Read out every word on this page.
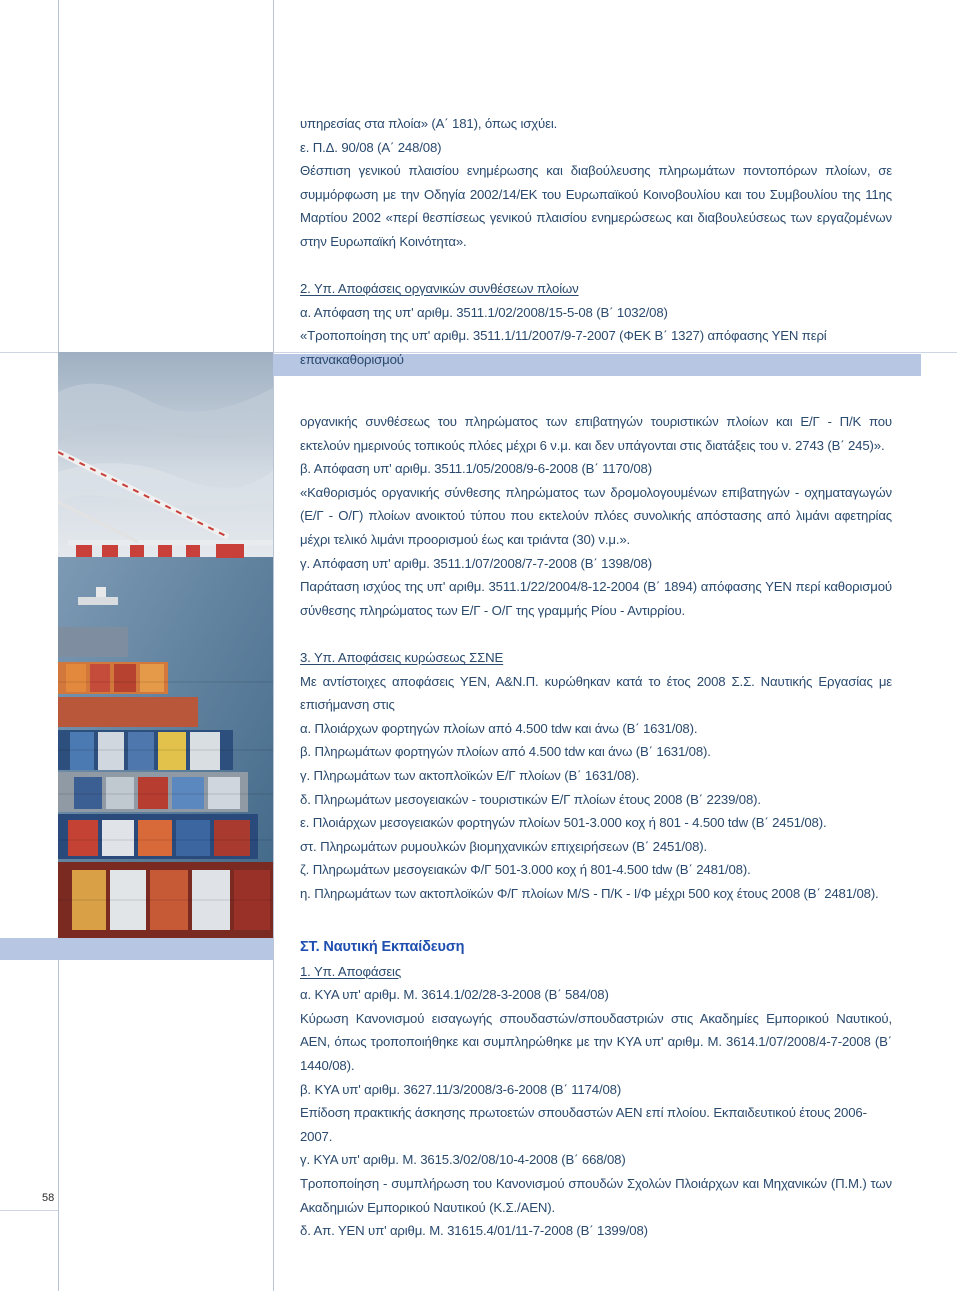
υπηρεσίας στα πλοία» (Α΄ 181), όπως ισχύει.

ε. Π.Δ. 90/08 (Α΄ 248/08)

Θέσπιση γενικού πλαισίου ενημέρωσης και διαβούλευσης πληρωμάτων ποντοπόρων πλοίων, σε συμμόρφωση με την Οδηγία 2002/14/ΕΚ του Ευρωπαϊκού Κοινοβουλίου και του Συμβουλίου της 11ης Μαρτίου 2002 «περί θεσπίσεως γενικού πλαισίου ενημερώσεως και διαβουλεύσεως των εργαζομένων στην Ευρωπαϊκή Κοινότητα».

2. Υπ. Αποφάσεις οργανικών συνθέσεων πλοίων

α. Απόφαση της υπ' αριθμ. 3511.1/02/2008/15-5-08 (Β΄ 1032/08)

«Τροποποίηση της υπ' αριθμ. 3511.1/11/2007/9-7-2007 (ΦΕΚ Β΄ 1327) απόφασης ΥΕΝ περί επανακαθορισμού

οργανικής συνθέσεως του πληρώματος των επιβατηγών τουριστικών πλοίων και Ε/Γ - Π/Κ που εκτελούν ημερινούς τοπικούς πλόες μέχρι 6 ν.μ. και δεν υπάγονται στις διατάξεις του ν. 2743 (Β΄ 245)».

β. Απόφαση υπ' αριθμ. 3511.1/05/2008/9-6-2008 (Β΄ 1170/08)

«Καθορισμός οργανικής σύνθεσης πληρώματος των δρομολογουμένων επιβατηγών - οχηματαγωγών (Ε/Γ - Ο/Γ) πλοίων ανοικτού τύπου που εκτελούν πλόες συνολικής απόστασης από λιμάνι αφετηρίας μέχρι τελικό λιμάνι προορισμού έως και τριάντα (30) ν.μ.».

γ. Απόφαση υπ' αριθμ. 3511.1/07/2008/7-7-2008 (Β΄ 1398/08)

Παράταση ισχύος της υπ' αριθμ. 3511.1/22/2004/8-12-2004 (Β΄ 1894) απόφασης ΥΕΝ περί καθορισμού σύνθεσης πληρώματος των Ε/Γ - Ο/Γ της γραμμής Ρίου - Αντιρρίου.

3. Υπ. Αποφάσεις κυρώσεως ΣΣΝΕ

Με αντίστοιχες αποφάσεις ΥΕΝ, Α&Ν.Π. κυρώθηκαν κατά το έτος 2008 Σ.Σ. Ναυτικής Εργασίας με επισήμανση στις

α. Πλοιάρχων φορτηγών πλοίων από 4.500 tdw και άνω (Β΄ 1631/08).

β. Πληρωμάτων φορτηγών πλοίων από 4.500 tdw και άνω (Β΄ 1631/08).

γ. Πληρωμάτων των ακτοπλοϊκών Ε/Γ πλοίων (Β΄ 1631/08).

δ. Πληρωμάτων μεσογειακών - τουριστικών Ε/Γ πλοίων έτους 2008 (Β΄ 2239/08).

ε. Πλοιάρχων μεσογειακών φορτηγών πλοίων 501-3.000 κοχ ή 801 - 4.500 tdw (Β΄ 2451/08).

στ. Πληρωμάτων ρυμουλκών βιομηχανικών επιχειρήσεων (Β΄ 2451/08).

ζ. Πληρωμάτων μεσογειακών Φ/Γ 501-3.000 κοχ ή 801-4.500 tdw (Β΄ 2481/08).

η. Πληρωμάτων των ακτοπλοϊκών Φ/Γ πλοίων Μ/S - Π/Κ - Ι/Φ μέχρι 500 κοχ έτους 2008 (Β΄ 2481/08).

ΣΤ. Ναυτική Εκπαίδευση

1. Υπ. Αποφάσεις

α. ΚΥΑ υπ' αριθμ. Μ. 3614.1/02/28-3-2008 (Β΄ 584/08)

Κύρωση Κανονισμού εισαγωγής σπουδαστών/σπουδαστριών στις Ακαδημίες Εμπορικού Ναυτικού, ΑΕΝ, όπως τροποποιήθηκε και συμπληρώθηκε με την ΚΥΑ υπ' αριθμ. Μ. 3614.1/07/2008/4-7-2008 (Β΄ 1440/08).

β. ΚΥΑ υπ' αριθμ. 3627.11/3/2008/3-6-2008 (Β΄ 1174/08)

Επίδοση πρακτικής άσκησης πρωτοετών σπουδαστών ΑΕΝ επί πλοίου. Εκπαιδευτικού έτους 2006-2007.

γ. ΚΥΑ υπ' αριθμ. Μ. 3615.3/02/08/10-4-2008 (Β΄ 668/08)

Τροποποίηση - συμπλήρωση του Κανονισμού σπουδών Σχολών Πλοιάρχων και Μηχανικών (Π.Μ.) των Ακαδημιών Εμπορικού Ναυτικού (Κ.Σ./ΑΕΝ).

δ. Απ. ΥΕΝ υπ' αριθμ. Μ. 31615.4/01/11-7-2008 (Β΄ 1399/08)

58
